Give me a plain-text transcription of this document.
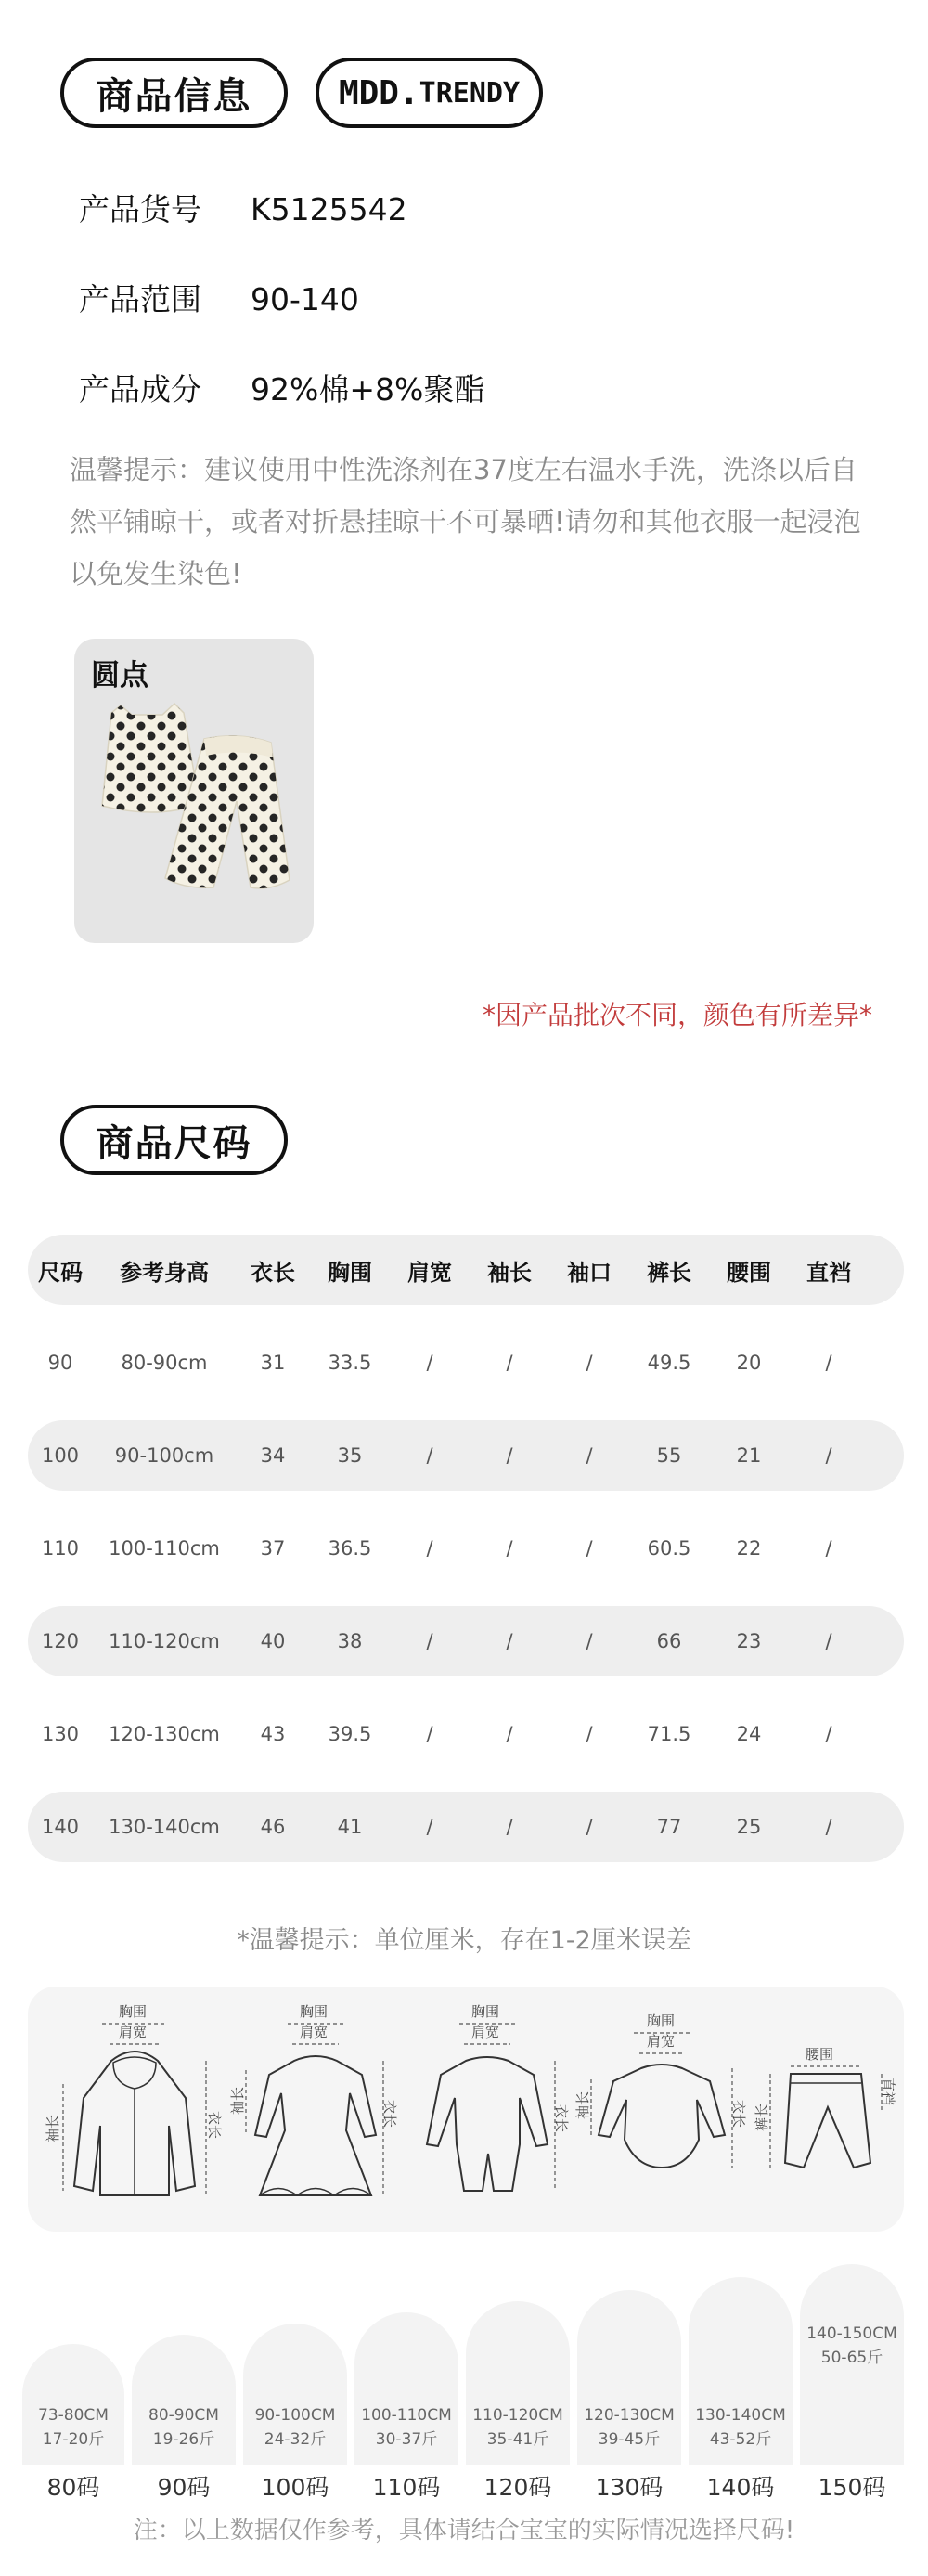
商品信息	MDD. TRENDY
产品货号 K5125542
产品范围 90-140
产品成分 92%棉+8%聚酯
温馨提示：建议使用中性洗涤剂在37度左右温水手洗，洗涤以后自然平铺晾干，或者对折悬挂晾干不可暴晒!请勿和其他衣服一起浸泡以免发生染色!
圆点
*因产品批次不同，颜色有所差异*
商品尺码
尺码	参考身高	衣长	胸围	肩宽	袖长	袖口	裤长	腰围	直裆
90	80-90cm	31	33.5	/	/	/	49.5	20	/
100	90-100cm	34	35	/	/	/	55	21	/
110	100-110cm	37	36.5	/	/	/	60.5	22	/
120	110-120cm	40	38	/	/	/	66	23	/
130	120-130cm	43	39.5	/	/	/	71.5	24	/
140	130-140cm	46	41	/	/	/	77	25	/
*温馨提示：单位厘米，存在1-2厘米误差
胸围
肩宽
袖长	衣长
胸围
肩宽
袖长	衣长
胸围
肩宽
衣长
胸围
肩宽
袖长	衣长
腰围
裤长
直裆
73-80CM
17-20斤
80-90CM
19-26斤
90-100CM
24-32斤
100-110CM
30-37斤
110-120CM
35-41斤
120-130CM
39-45斤
130-140CM
43-52斤
140-150CM
50-65斤
80码	90码	100码	110码	120码	130码	140码	150码
注：以上数据仅作参考，具体请结合宝宝的实际情况选择尺码!
